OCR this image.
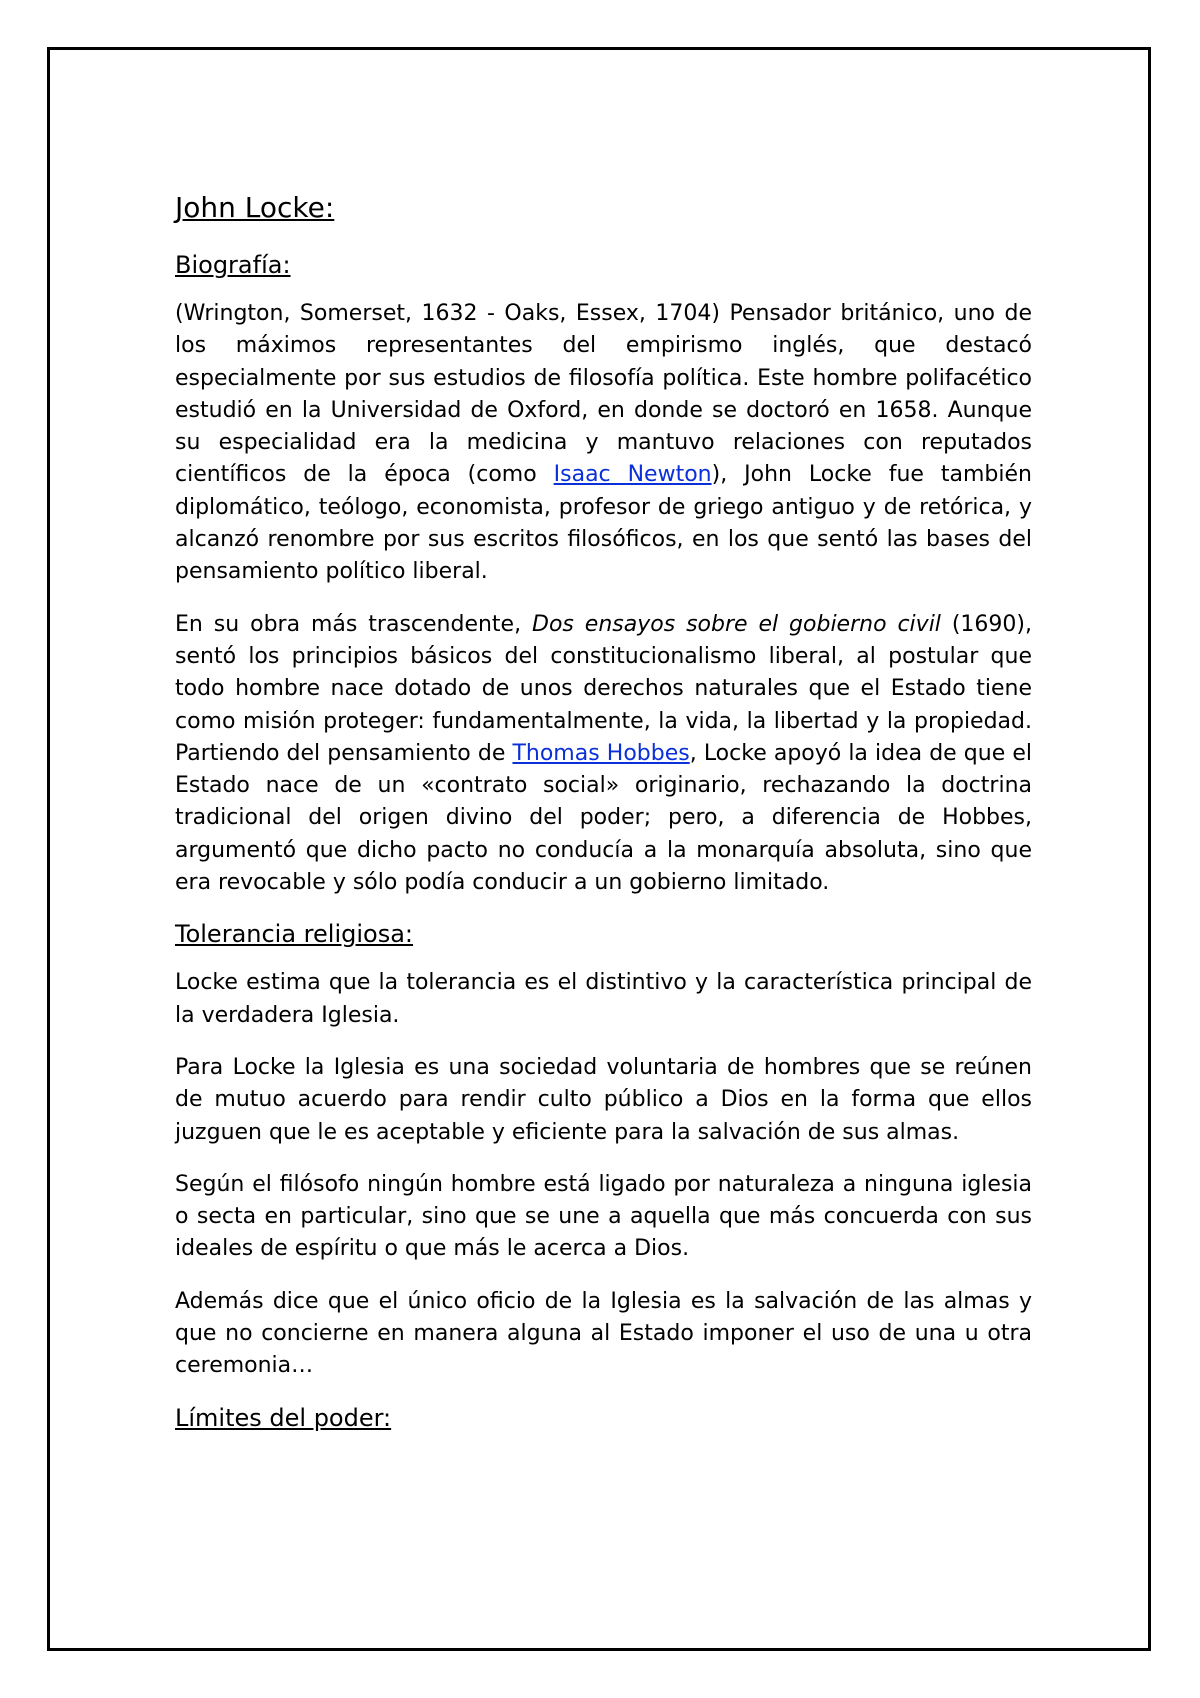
John Locke:
Biografía:

(Wrington, Somerset, 1632 - Oaks, Essex, 1704) Pensador británico, uno de los máximos representantes del empirismo inglés, que destacó especialmente por sus estudios de filosofía política. Este hombre polifacético estudió en la Universidad de Oxford, en donde se doctoró en 1658. Aunque su especialidad era la medicina y mantuvo relaciones con reputados científicos de la época (como Isaac Newton), John Locke fue también diplomático, teólogo, economista, profesor de griego antiguo y de retórica, y alcanzó renombre por sus escritos filosóficos, en los que sentó las bases del pensamiento político liberal.

En su obra más trascendente, Dos ensayos sobre el gobierno civil (1690), sentó los principios básicos del constitucionalismo liberal, al postular que todo hombre nace dotado de unos derechos naturales que el Estado tiene como misión proteger: fundamentalmente, la vida, la libertad y la propiedad. Partiendo del pensamiento de Thomas Hobbes, Locke apoyó la idea de que el Estado nace de un «contrato social» originario, rechazando la doctrina tradicional del origen divino del poder; pero, a diferencia de Hobbes, argumentó que dicho pacto no conducía a la monarquía absoluta, sino que era revocable y sólo podía conducir a un gobierno limitado.

Tolerancia religiosa:

Locke estima que la tolerancia es el distintivo y la característica principal de la verdadera Iglesia.

Para Locke la Iglesia es una sociedad voluntaria de hombres que se reúnen de mutuo acuerdo para rendir culto público a Dios en la forma que ellos juzguen que le es aceptable y eficiente para la salvación de sus almas.

Según el filósofo ningún hombre está ligado por naturaleza a ninguna iglesia o secta en particular, sino que se une a aquella que más concuerda con sus ideales de espíritu o que más le acerca a Dios.

Además dice que el único oficio de la Iglesia es la salvación de las almas y que no concierne en manera alguna al Estado imponer el uso de una u otra ceremonia…

Límites del poder:
